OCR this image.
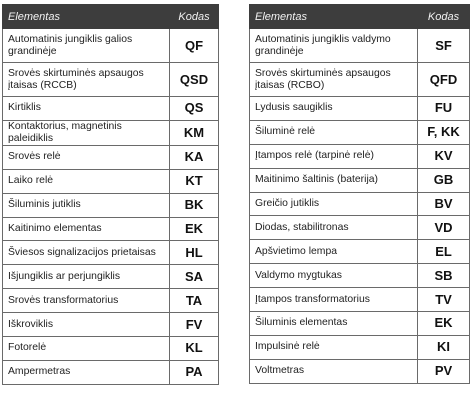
Elementas	Kodas
Automatinis jungiklis galios grandinėje	QF
Srovės skirtuminės apsaugos įtaisas (RCCB)	QSD
Kirtiklis	QS
Kontaktorius, magnetinis paleidiklis	KM
Srovės relė	KA
Laiko relė	KT
Šiluminis jutiklis	BK
Kaitinimo elementas	EK
Šviesos signalizacijos prietaisas	HL
Išjungiklis ar perjungiklis	SA
Srovės transformatorius	TA
Iškroviklis	FV
Fotorelė	KL
Ampermetras	PA
Elementas	Kodas
Automatinis jungiklis valdymo grandinėje	SF
Srovės skirtuminės apsaugos įtaisas (RCBO)	QFD
Lydusis saugiklis	FU
Šiluminė relė	F, KK
Įtampos relė (tarpinė relė)	KV
Maitinimo šaltinis (baterija)	GB
Greičio jutiklis	BV
Diodas, stabilitronas	VD
Apšvietimo lempa	EL
Valdymo mygtukas	SB
Įtampos transformatorius	TV
Šiluminis elementas	EK
Impulsinė relė	KI
Voltmetras	PV
